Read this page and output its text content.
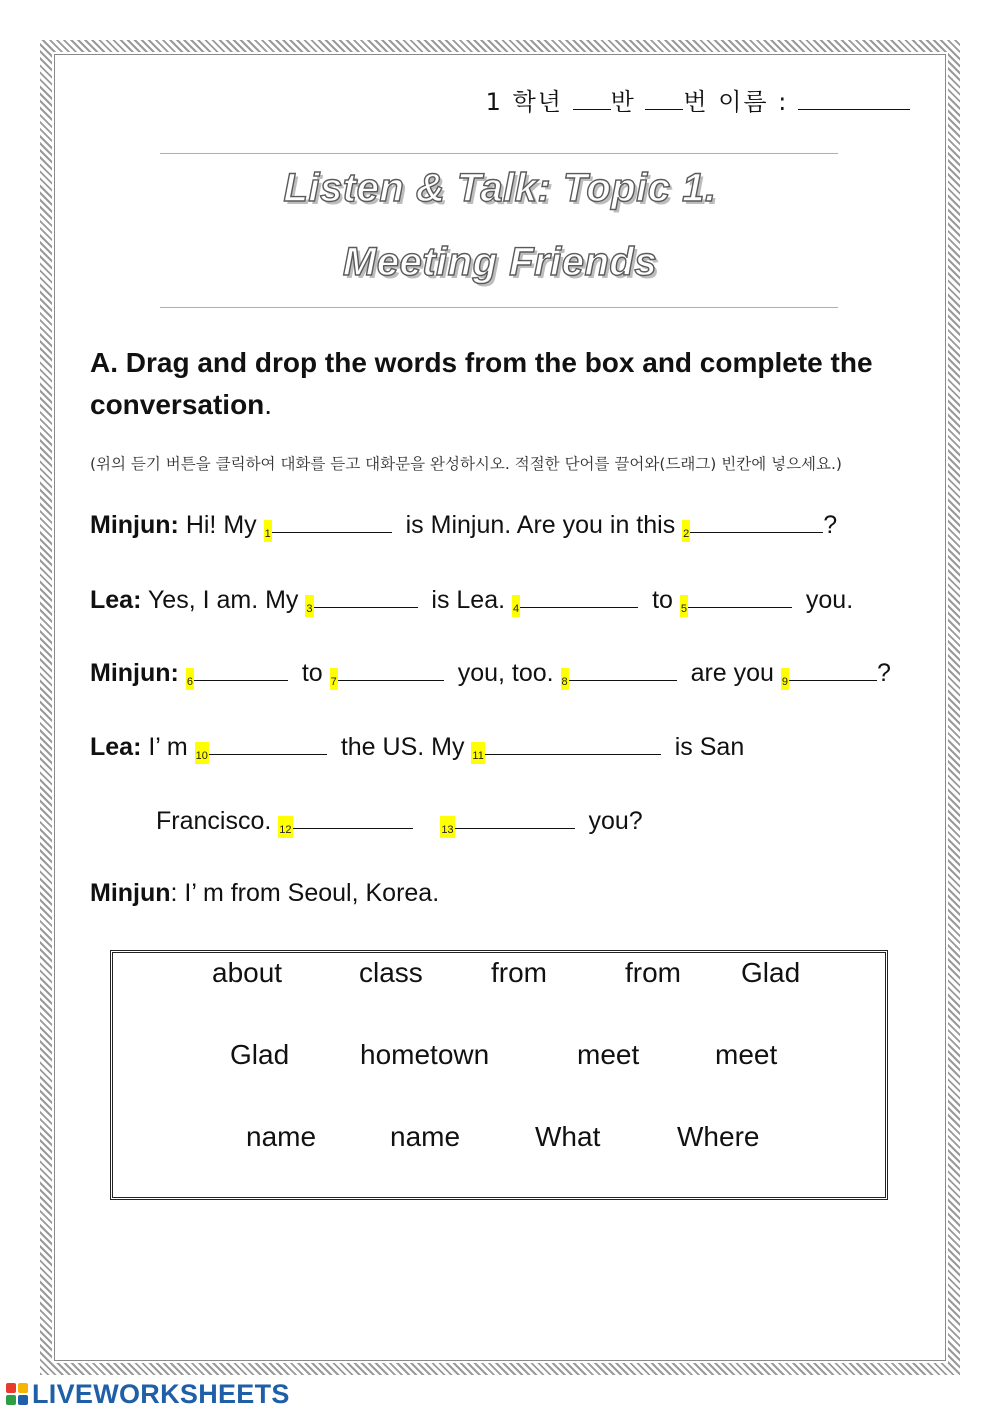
1 학년 반 번 이름 :
Listen & Talk: Topic 1.
Meeting Friends
A. Drag and drop the words from the box and complete the conversation.
(위의 듣기 버튼을 클릭하여 대화를 듣고 대화문을 완성하시오. 적절한 단어를 끌어와(드래그) 빈칸에 넣으세요.)
Minjun: Hi! My 1	is Minjun. Are you in this 2	?
Lea: Yes, I am. My 3	is Lea. 4	to 5	you.
Minjun: 6	to 7	you, too. 8	are you 9	?
Lea: I’ m 10	the US. My 11	is San
Francisco. 12	13	you?
Minjun: I’ m from Seoul, Korea.
about	class from	from Glad
Glad	hometown	meet	meet
name	name	What	Where
LIVEWORKSHEETS
